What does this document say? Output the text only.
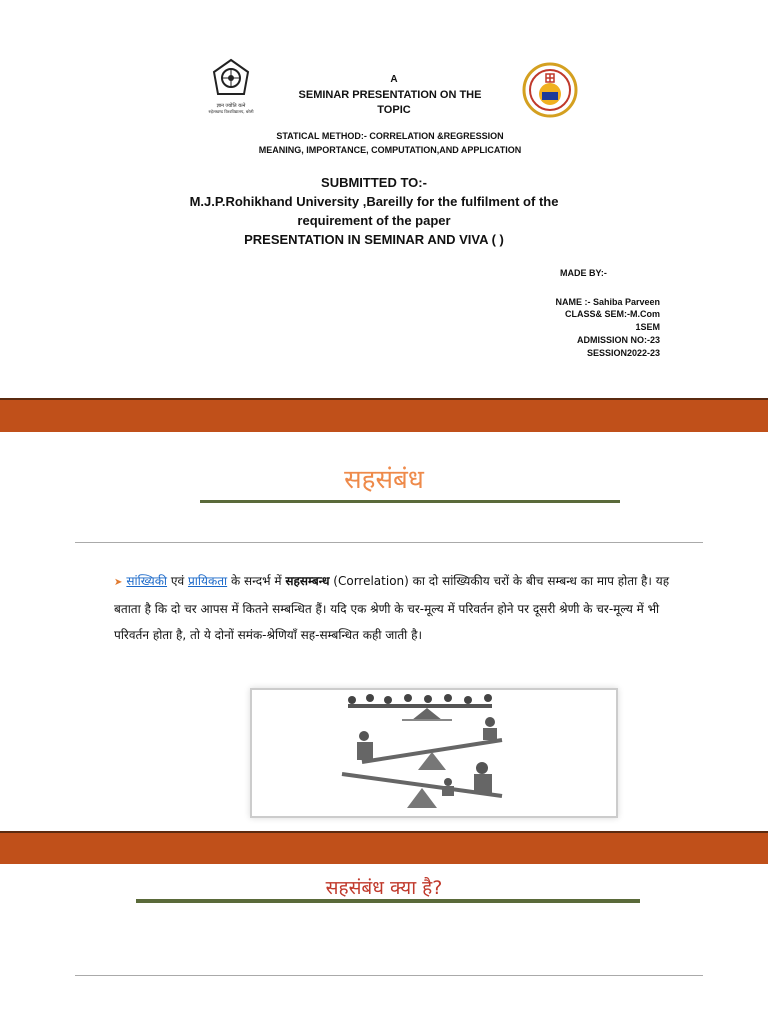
ज्ञान ज्योति यत्ने
रुहेलखण्ड विश्वविद्यालय, बरेली
A
SEMINAR PRESENTATION ON THE
TOPIC
STATICAL METHOD:- CORRELATION &REGRESSION
MEANING, IMPORTANCE, COMPUTATION,AND APPLICATION
SUBMITTED TO:-
M.J.P.Rohikhand University ,Bareilly for the fulfilment of the
requirement of the paper
PRESENTATION IN SEMINAR AND VIVA ( )
MADE BY:-
NAME :- Sahiba Parveen
CLASS& SEM:-M.Com
1SEM
ADMISSION NO:-23
SESSION2022-23
सहसंबंध
➤ सांख्यिकी एवं प्रायिकता के सन्दर्भ में सहसम्बन्ध (Correlation) का दो सांख्यिकीय चरों के बीच सम्बन्ध का माप होता है। यह बताता है कि दो चर आपस में कितने सम्बन्धित हैं। यदि एक श्रेणी के चर-मूल्य में परिवर्तन होने पर दूसरी श्रेणी के चर-मूल्य में भी परिवर्तन होता है, तो ये दोनों समंक-श्रेणियाँ सह-सम्बन्धित कही जाती है।
सहसंबंध क्या है?
